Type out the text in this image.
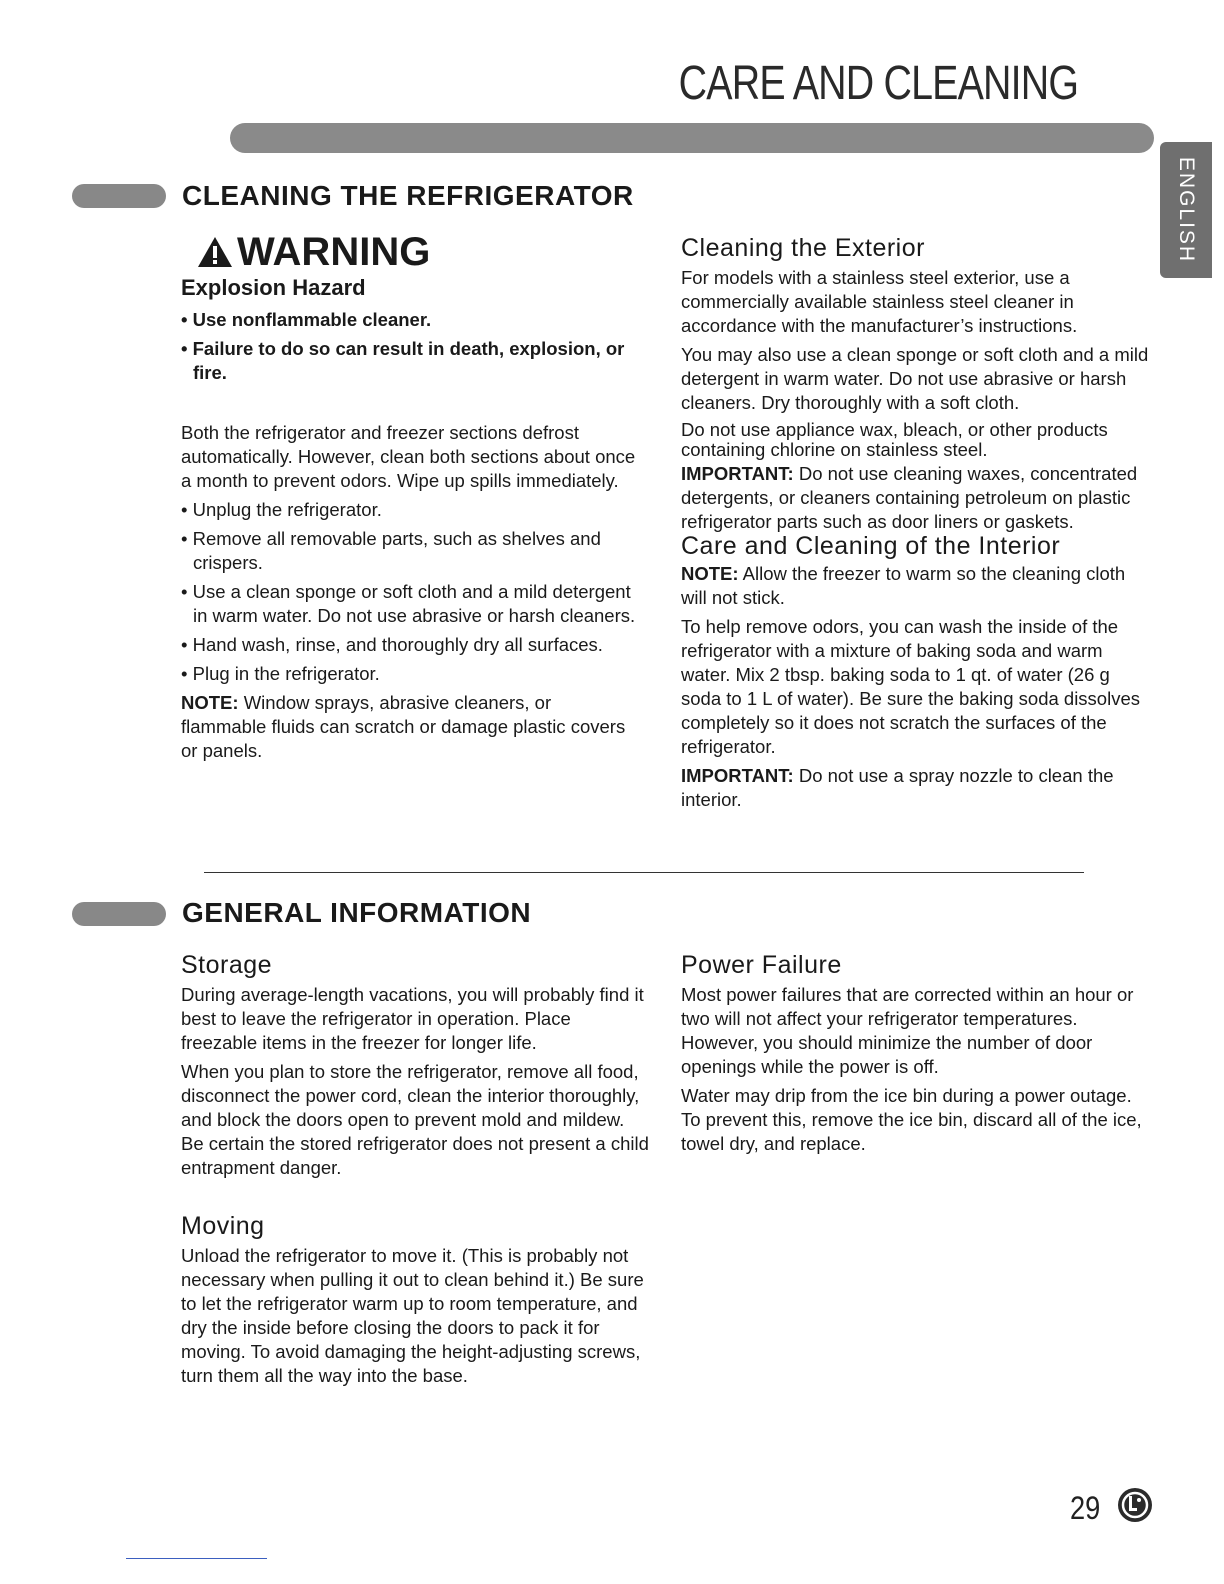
CARE AND CLEANING
ENGLISH
CLEANING THE REFRIGERATOR
WARNING
Explosion Hazard
• Use nonflammable cleaner.
• Failure to do so can result in death, explosion, or fire.

Both the refrigerator and freezer sections defrost automatically. However, clean both sections about once a month to prevent odors. Wipe up spills immediately.

• Unplug the refrigerator.
• Remove all removable parts, such as shelves and crispers.
• Use a clean sponge or soft cloth and a mild detergent in warm water. Do not use abrasive or harsh cleaners.
• Hand wash, rinse, and thoroughly dry all surfaces.
• Plug in the refrigerator.

NOTE: Window sprays, abrasive cleaners, or flammable fluids can scratch or damage plastic covers or panels.

Cleaning the Exterior

For models with a stainless steel exterior, use a commercially available stainless steel cleaner in accordance with the manufacturer’s instructions.

You may also use a clean sponge or soft cloth and a mild detergent in warm water. Do not use abrasive or harsh cleaners. Dry thoroughly with a soft cloth.

Do not use appliance wax, bleach, or other products containing chlorine on stainless steel.

IMPORTANT: Do not use cleaning waxes, concentrated detergents, or cleaners containing petroleum on plastic refrigerator parts such as door liners or gaskets.

Care and Cleaning of the Interior

NOTE: Allow the freezer to warm so the cleaning cloth will not stick.

To help remove odors, you can wash the inside of the refrigerator with a mixture of baking soda and warm water. Mix 2 tbsp. baking soda to 1 qt. of water (26 g soda to 1 L of water). Be sure the baking soda dissolves completely so it does not scratch the surfaces of the refrigerator.

IMPORTANT: Do not use a spray nozzle to clean the interior.

GENERAL INFORMATION
Storage

During average-length vacations, you will probably find it best to leave the refrigerator in operation. Place freezable items in the freezer for longer life.

When you plan to store the refrigerator, remove all food, disconnect the power cord, clean the interior thoroughly, and block the doors open to prevent mold and mildew. Be certain the stored refrigerator does not present a child entrapment danger.

Moving

Unload the refrigerator to move it. (This is probably not necessary when pulling it out to clean behind it.) Be sure to let the refrigerator warm up to room temperature, and dry the inside before closing the doors to pack it for moving. To avoid damaging the height-adjusting screws, turn them all the way into the base.

Power Failure

Most power failures that are corrected within an hour or two will not affect your refrigerator temperatures. However, you should minimize the number of door openings while the power is off.

Water may drip from the ice bin during a power outage. To prevent this, remove the ice bin, discard all of the ice, towel dry, and replace.

29
